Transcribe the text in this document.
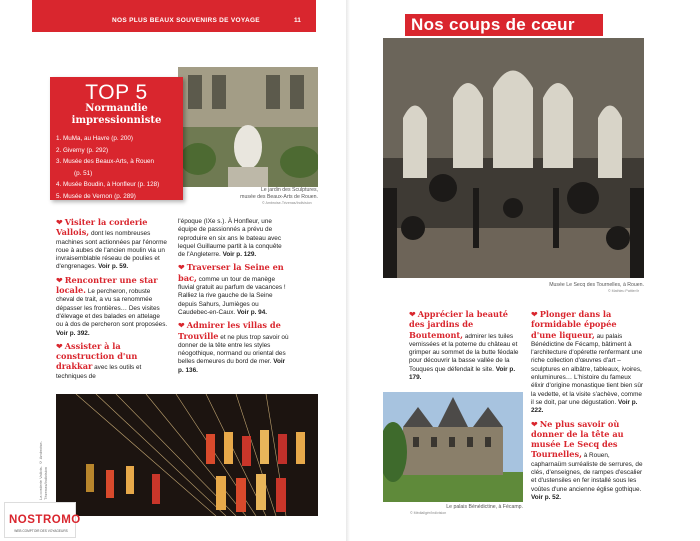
NOS PLUS BEAUX SOUVENIRS DE VOYAGE	11
Le jardin des Sculptures,
musée des Beaux-Arts de Rouen.
© Ambroise-Tézenas/Indivision
TOP 5
Normandie
impressionniste
1. MuMa, au Havre (p. 200)
2. Giverny (p. 292)
3. Musée des Beaux-Arts, à Rouen
(p. 51)
4. Musée Boudin, à Honfleur (p. 128)
5. Musée de Vernon (p. 289)
❤ Visiter la corderie
Vallois, dont les nombreuses machines sont actionnées par l'énorme roue à aubes de l'ancien moulin via un invraisemblable réseau de poulies et d'engrenages. Voir p. 59.
❤ Rencontrer une star
locale. Le percheron, robuste cheval de trait, a vu sa renommée dépasser les frontières… Des visites d'élevage et des balades en attelage ou à dos de percheron sont proposées. Voir p. 392.
❤ Assister à la
construction d'un drakkar avec les outils et techniques de
l'époque (IXe s.). À Honfleur, une équipe de passionnés a prévu de reproduire en six ans le bateau avec lequel Guillaume partit à la conquête de l'Angleterre. Voir p. 129.
❤ Traverser la Seine en
bac, comme un tour de manège fluvial gratuit au parfum de vacances ! Ralliez la rive gauche de la Seine depuis Sahurs, Jumièges ou Caudebec-en-Caux. Voir p. 94.
❤ Admirer les villas de
Trouville et ne plus trop savoir où donner de la tête entre les styles néogothique, normand ou oriental des belles demeures du bord de mer. Voir p. 136.
La corderie Vallois. © Ambroise-Tézenas/Indivision
NOSTROMO
WEB COMPTOIR DES VOYAGEURS
Nos coups de cœur
Musée Le Secq des Tournelles, à Rouen.
© Mathieu Pattier/Ir
❤ Apprécier la beauté
des jardins de Boutemont, admirer les tuiles vernissées et la poterne du château et grimper au sommet de la butte féodale pour découvrir la basse vallée de la Touques que défendait le site. Voir p. 179.
Le palais Bénédictine, à Fécamp.
© Médiallgèr/Indivision
❤ Plonger dans la
formidable épopée d'une liqueur, au palais Bénédictine de Fécamp, bâtiment à l'architecture d'opérette renfermant une riche collection d'œuvres d'art – sculptures en albâtre, tableaux, ivoires, enluminures… L'histoire du fameux élixir d'origine monastique tient bien sûr la vedette, et la visite s'achève, comme il se doit, par une dégustation. Voir p. 222.
❤ Ne plus savoir où
donner de la tête au musée Le Secq des Tournelles, à Rouen, capharnaüm surréaliste de serrures, de clés, d'enseignes, de rampes d'escalier et d'ustensiles en fer installé sous les voûtes d'une ancienne église gothique. Voir p. 52.
